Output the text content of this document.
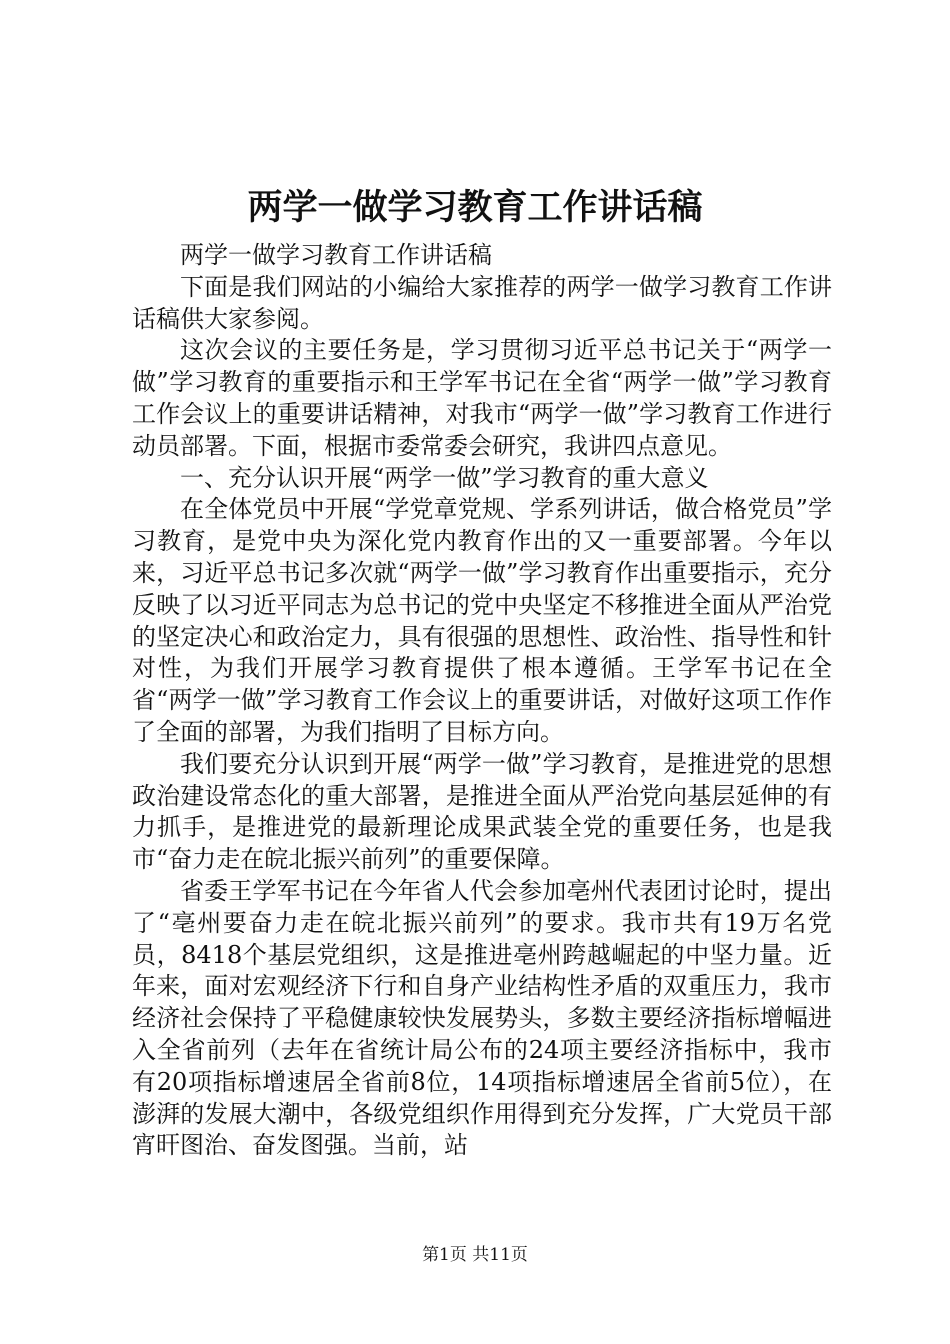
两学一做学习教育工作讲话稿

两学一做学习教育工作讲话稿

下面是我们网站的小编给大家推荐的两学一做学习教育工作讲话稿供大家参阅。

这次会议的主要任务是，学习贯彻习近平总书记关于“两学一做”学习教育的重要指示和王学军书记在全省“两学一做”学习教育工作会议上的重要讲话精神，对我市“两学一做”学习教育工作进行动员部署。下面，根据市委常委会研究，我讲四点意见。

一、充分认识开展“两学一做”学习教育的重大意义

在全体党员中开展“学党章党规、学系列讲话，做合格党员”学习教育，是党中央为深化党内教育作出的又一重要部署。今年以来，习近平总书记多次就“两学一做”学习教育作出重要指示，充分反映了以习近平同志为总书记的党中央坚定不移推进全面从严治党的坚定决心和政治定力，具有很强的思想性、政治性、指导性和针对性，为我们开展学习教育提供了根本遵循。王学军书记在全省“两学一做”学习教育工作会议上的重要讲话，对做好这项工作作了全面的部署，为我们指明了目标方向。

我们要充分认识到开展“两学一做”学习教育，是推进党的思想政治建设常态化的重大部署，是推进全面从严治党向基层延伸的有力抓手，是推进党的最新理论成果武装全党的重要任务，也是我市“奋力走在皖北振兴前列”的重要保障。

省委王学军书记在今年省人代会参加亳州代表团讨论时，提出了“亳州要奋力走在皖北振兴前列”的要求。我市共有19万名党员，8418个基层党组织，这是推进亳州跨越崛起的中坚力量。近年来，面对宏观经济下行和自身产业结构性矛盾的双重压力，我市经济社会保持了平稳健康较快发展势头，多数主要经济指标增幅进入全省前列（去年在省统计局公布的24项主要经济指标中，我市有20项指标增速居全省前8位，14项指标增速居全省前5位），在澎湃的发展大潮中，各级党组织作用得到充分发挥，广大党员干部宵旰图治、奋发图强。当前，站

第1页 共11页
